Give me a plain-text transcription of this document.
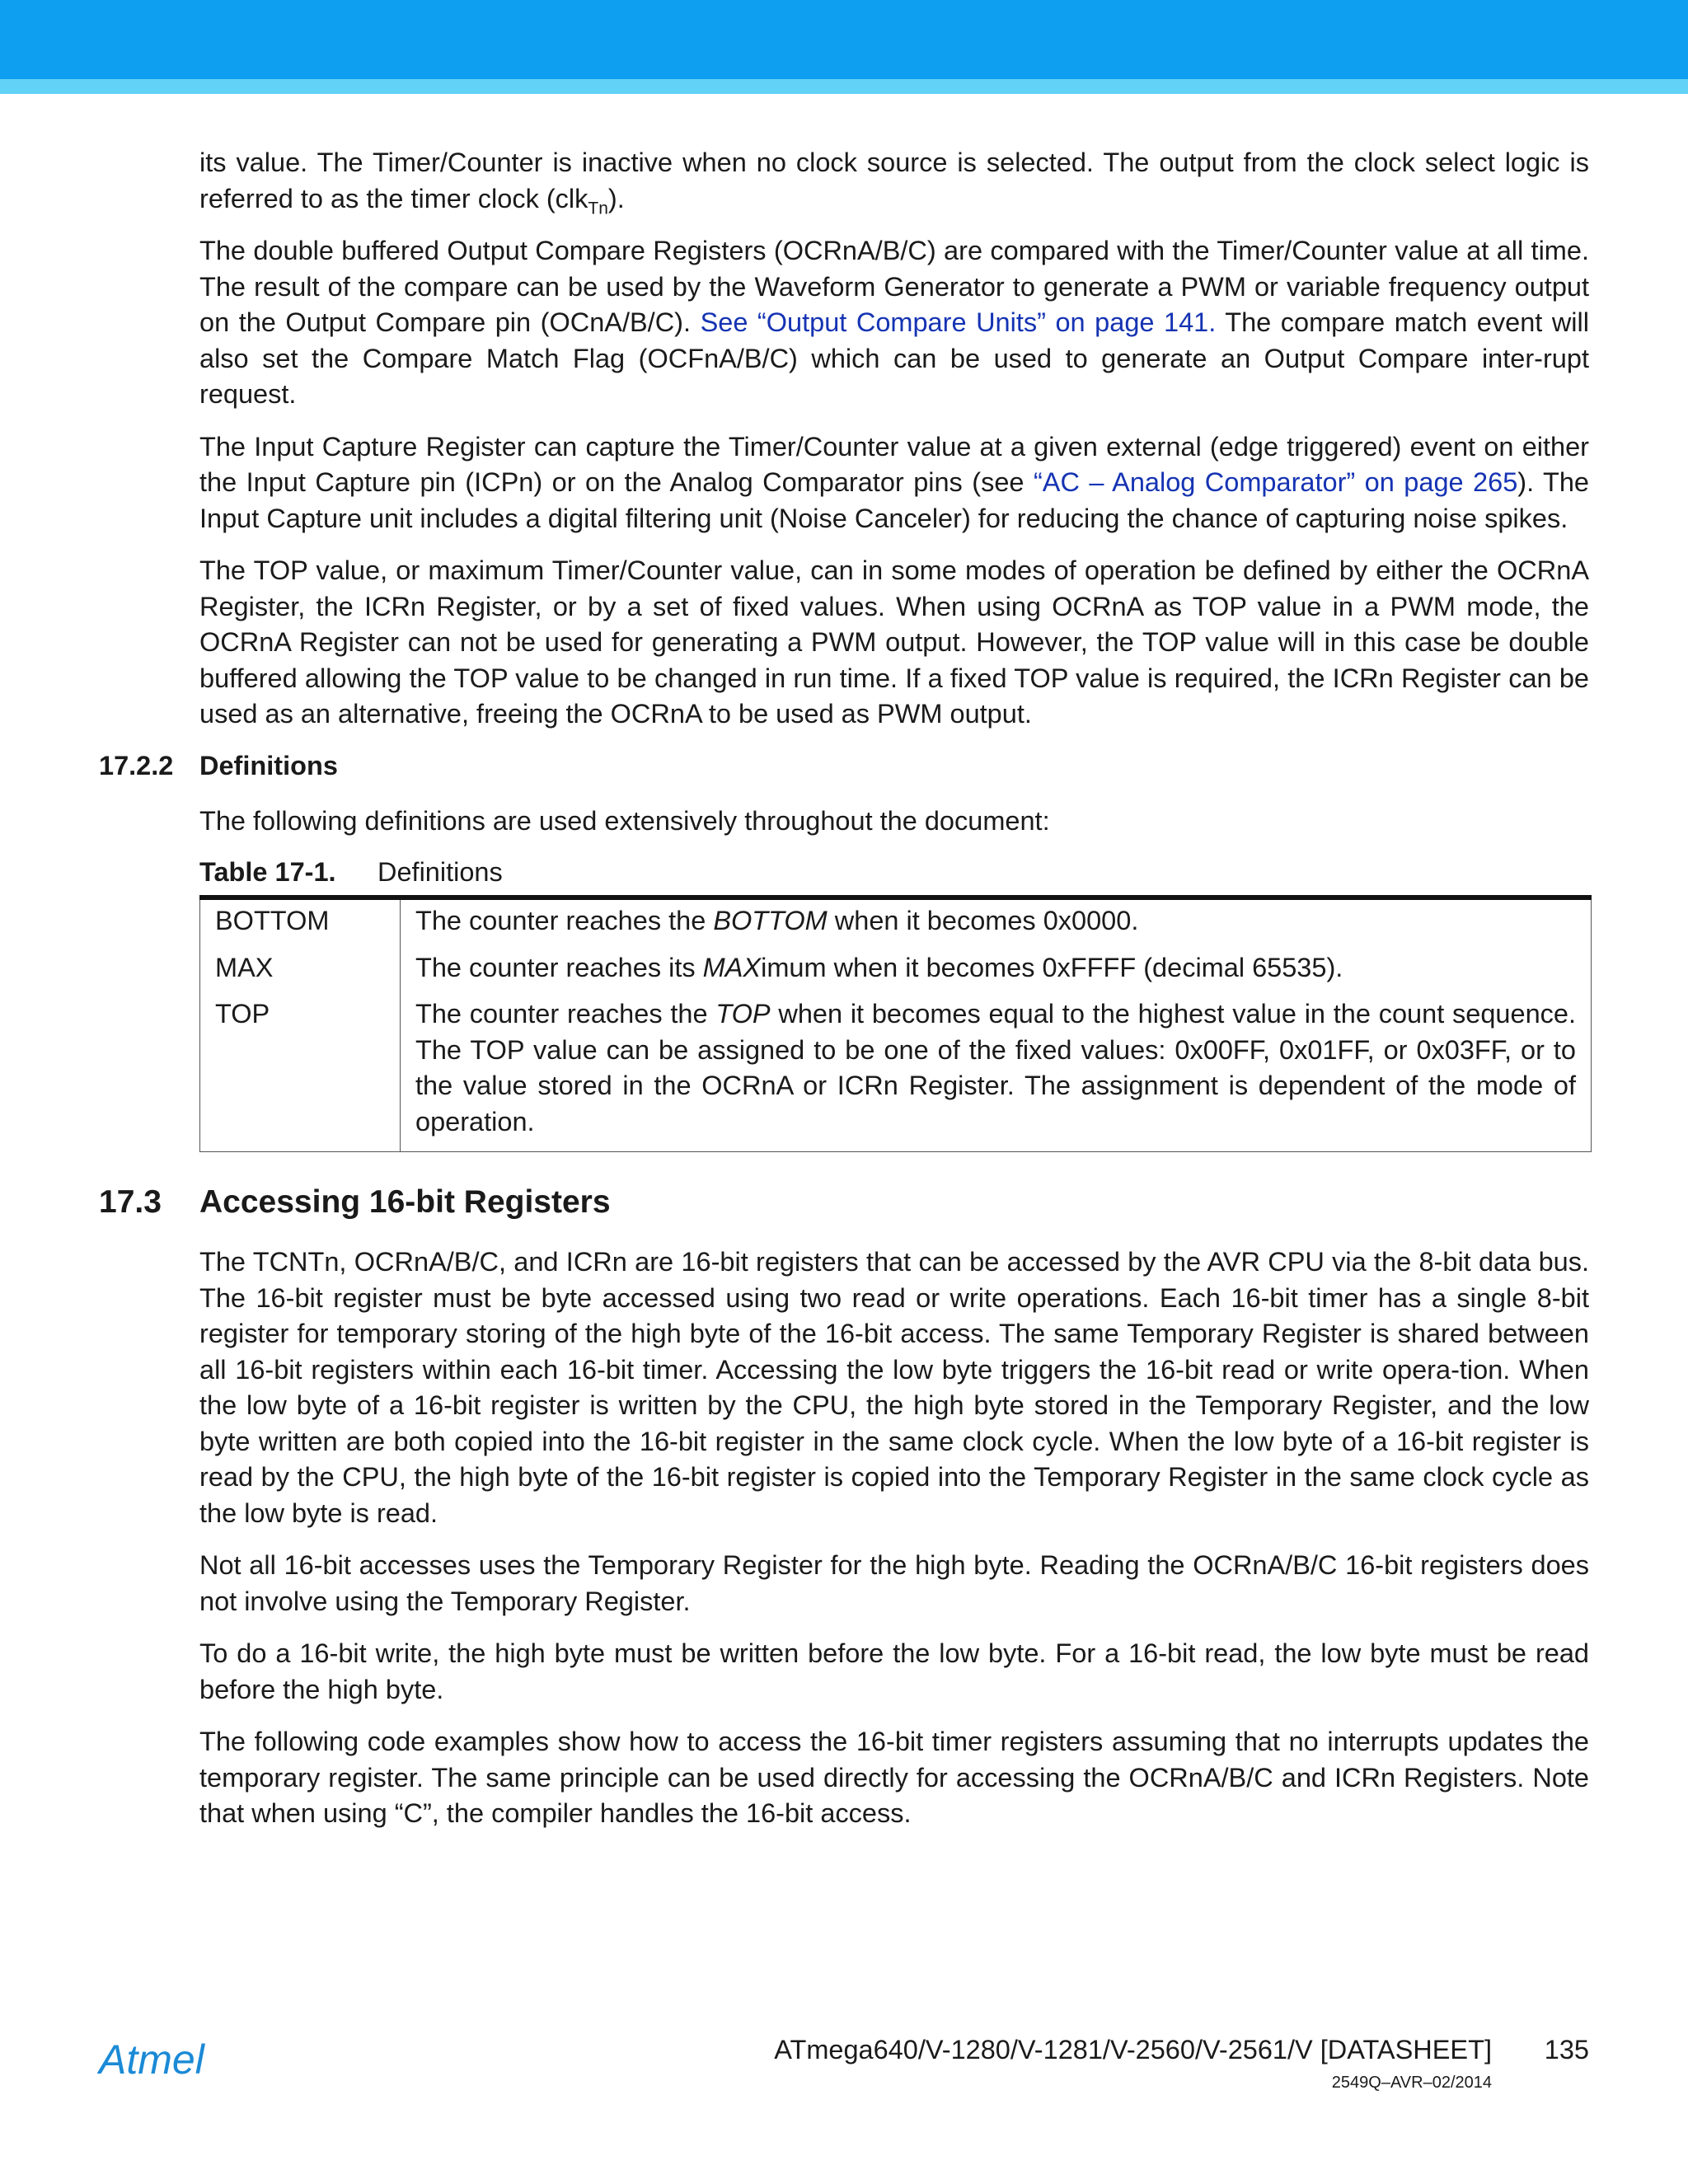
its value. The Timer/Counter is inactive when no clock source is selected. The output from the clock select logic is referred to as the timer clock (clk$_{Tn}$).

The double buffered Output Compare Registers (OCRnA/B/C) are compared with the Timer/Counter value at all time. The result of the compare can be used by the Waveform Generator to generate a PWM or variable frequency output on the Output Compare pin (OCnA/B/C). See “Output Compare Units” on page 141. The compare match event will also set the Compare Match Flag (OCFnA/B/C) which can be used to generate an Output Compare inter-rupt request.

The Input Capture Register can capture the Timer/Counter value at a given external (edge triggered) event on either the Input Capture pin (ICPn) or on the Analog Comparator pins (see “AC – Analog Comparator” on page 265). The Input Capture unit includes a digital filtering unit (Noise Canceler) for reducing the chance of capturing noise spikes.

The TOP value, or maximum Timer/Counter value, can in some modes of operation be defined by either the OCRnA Register, the ICRn Register, or by a set of fixed values. When using OCRnA as TOP value in a PWM mode, the OCRnA Register can not be used for generating a PWM output. However, the TOP value will in this case be double buffered allowing the TOP value to be changed in run time. If a fixed TOP value is required, the ICRn Register can be used as an alternative, freeing the OCRnA to be used as PWM output.

17.2.2 Definitions

The following definitions are used extensively throughout the document:

Table 17-1. Definitions
BOTTOM	The counter reaches the BOTTOM when it becomes 0x0000.
MAX	The counter reaches its MAXimum when it becomes 0xFFFF (decimal 65535).
TOP	The counter reaches the TOP when it becomes equal to the highest value in the count sequence. The TOP value can be assigned to be one of the fixed values: 0x00FF, 0x01FF, or 0x03FF, or to the value stored in the OCRnA or ICRn Register. The assignment is dependent of the mode of operation.
17.3 Accessing 16-bit Registers

The TCNTn, OCRnA/B/C, and ICRn are 16-bit registers that can be accessed by the AVR CPU via the 8-bit data bus. The 16-bit register must be byte accessed using two read or write operations. Each 16-bit timer has a single 8-bit register for temporary storing of the high byte of the 16-bit access. The same Temporary Register is shared between all 16-bit registers within each 16-bit timer. Accessing the low byte triggers the 16-bit read or write opera-tion. When the low byte of a 16-bit register is written by the CPU, the high byte stored in the Temporary Register, and the low byte written are both copied into the 16-bit register in the same clock cycle. When the low byte of a 16-bit register is read by the CPU, the high byte of the 16-bit register is copied into the Temporary Register in the same clock cycle as the low byte is read.

Not all 16-bit accesses uses the Temporary Register for the high byte. Reading the OCRnA/B/C 16-bit registers does not involve using the Temporary Register.

To do a 16-bit write, the high byte must be written before the low byte. For a 16-bit read, the low byte must be read before the high byte.

The following code examples show how to access the 16-bit timer registers assuming that no interrupts updates the temporary register. The same principle can be used directly for accessing the OCRnA/B/C and ICRn Registers. Note that when using “C”, the compiler handles the 16-bit access.

Atmel	ATmega640/V-1280/V-1281/V-2560/V-2561/V [DATASHEET] 135
2549Q–AVR–02/2014
